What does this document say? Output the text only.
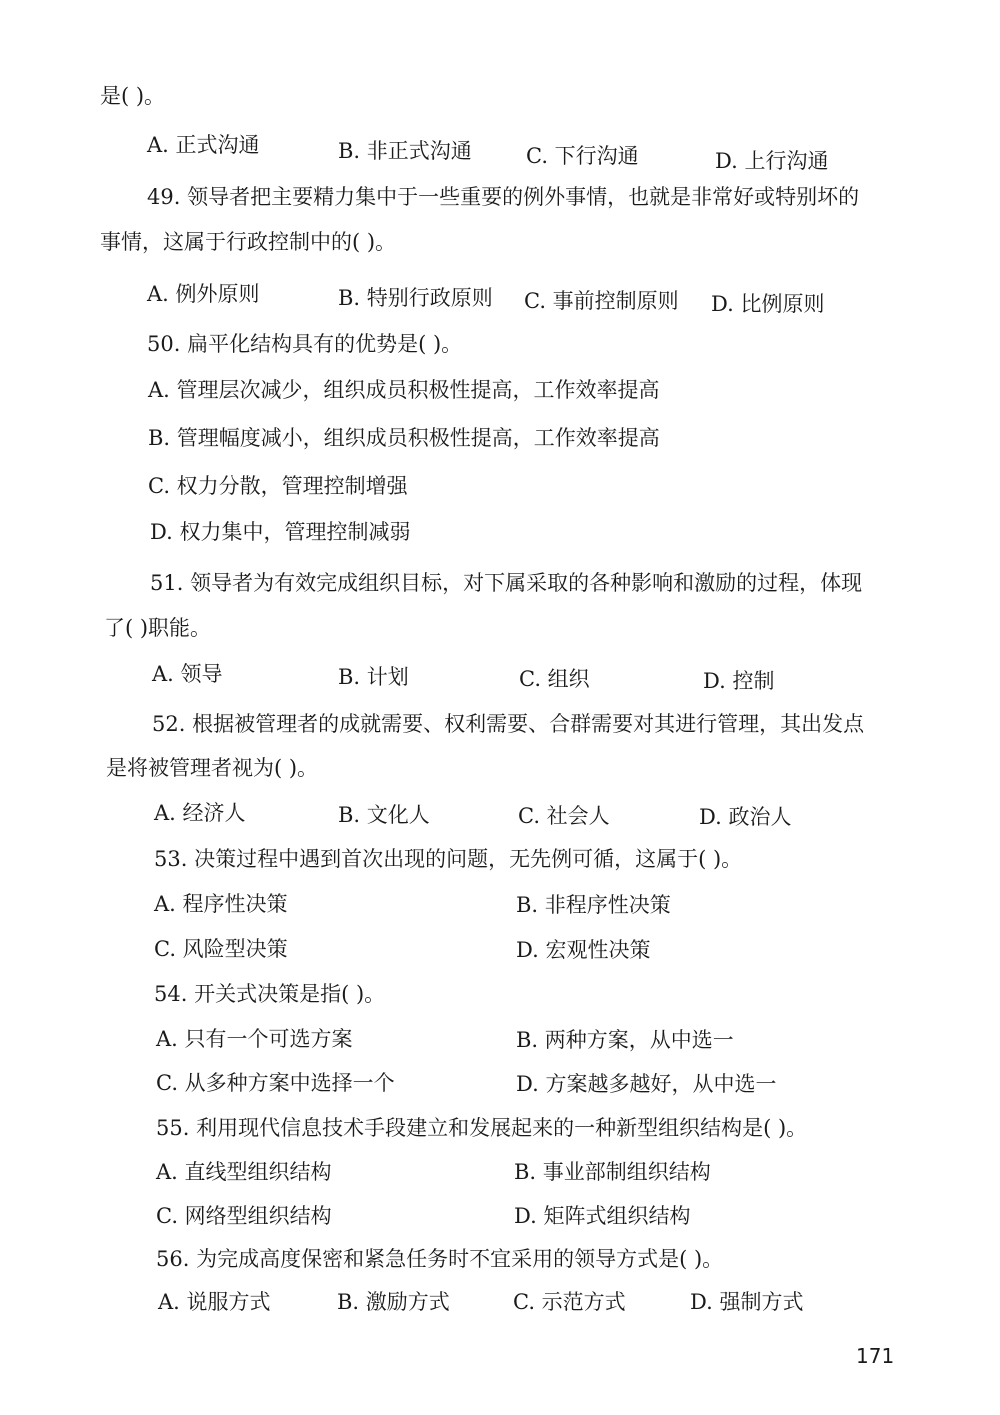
是( )。
A. 正式沟通	B. 非正式沟通	C. 下行沟通	D. 上行沟通
49. 领导者把主要精力集中于一些重要的例外事情，也就是非常好或特别坏的
事情，这属于行政控制中的( )。
A. 例外原则	B. 特别行政原则 C. 事前控制原则 D. 比例原则
50. 扁平化结构具有的优势是( )。
A. 管理层次减少，组织成员积极性提高，工作效率提高
B. 管理幅度减小，组织成员积极性提高，工作效率提高
C. 权力分散，管理控制增强
D. 权力集中，管理控制减弱
51. 领导者为有效完成组织目标，对下属采取的各种影响和激励的过程，体现
了( )职能。
A. 领导	B. 计划	C. 组织	D. 控制
52. 根据被管理者的成就需要、权利需要、合群需要对其进行管理，其出发点
是将被管理者视为( )。
A. 经济人	B. 文化人	C. 社会人	D. 政治人
53. 决策过程中遇到首次出现的问题，无先例可循，这属于( )。
A. 程序性决策	B. 非程序性决策
C. 风险型决策	D. 宏观性决策
54. 开关式决策是指( )。
A. 只有一个可选方案	B. 两种方案，从中选一
C. 从多种方案中选择一个	D. 方案越多越好，从中选一
55. 利用现代信息技术手段建立和发展起来的一种新型组织结构是( )。
A. 直线型组织结构	B. 事业部制组织结构
C. 网络型组织结构	D. 矩阵式组织结构
56. 为完成高度保密和紧急任务时不宜采用的领导方式是( )。
A. 说服方式	B. 激励方式	C. 示范方式	D. 强制方式
171
